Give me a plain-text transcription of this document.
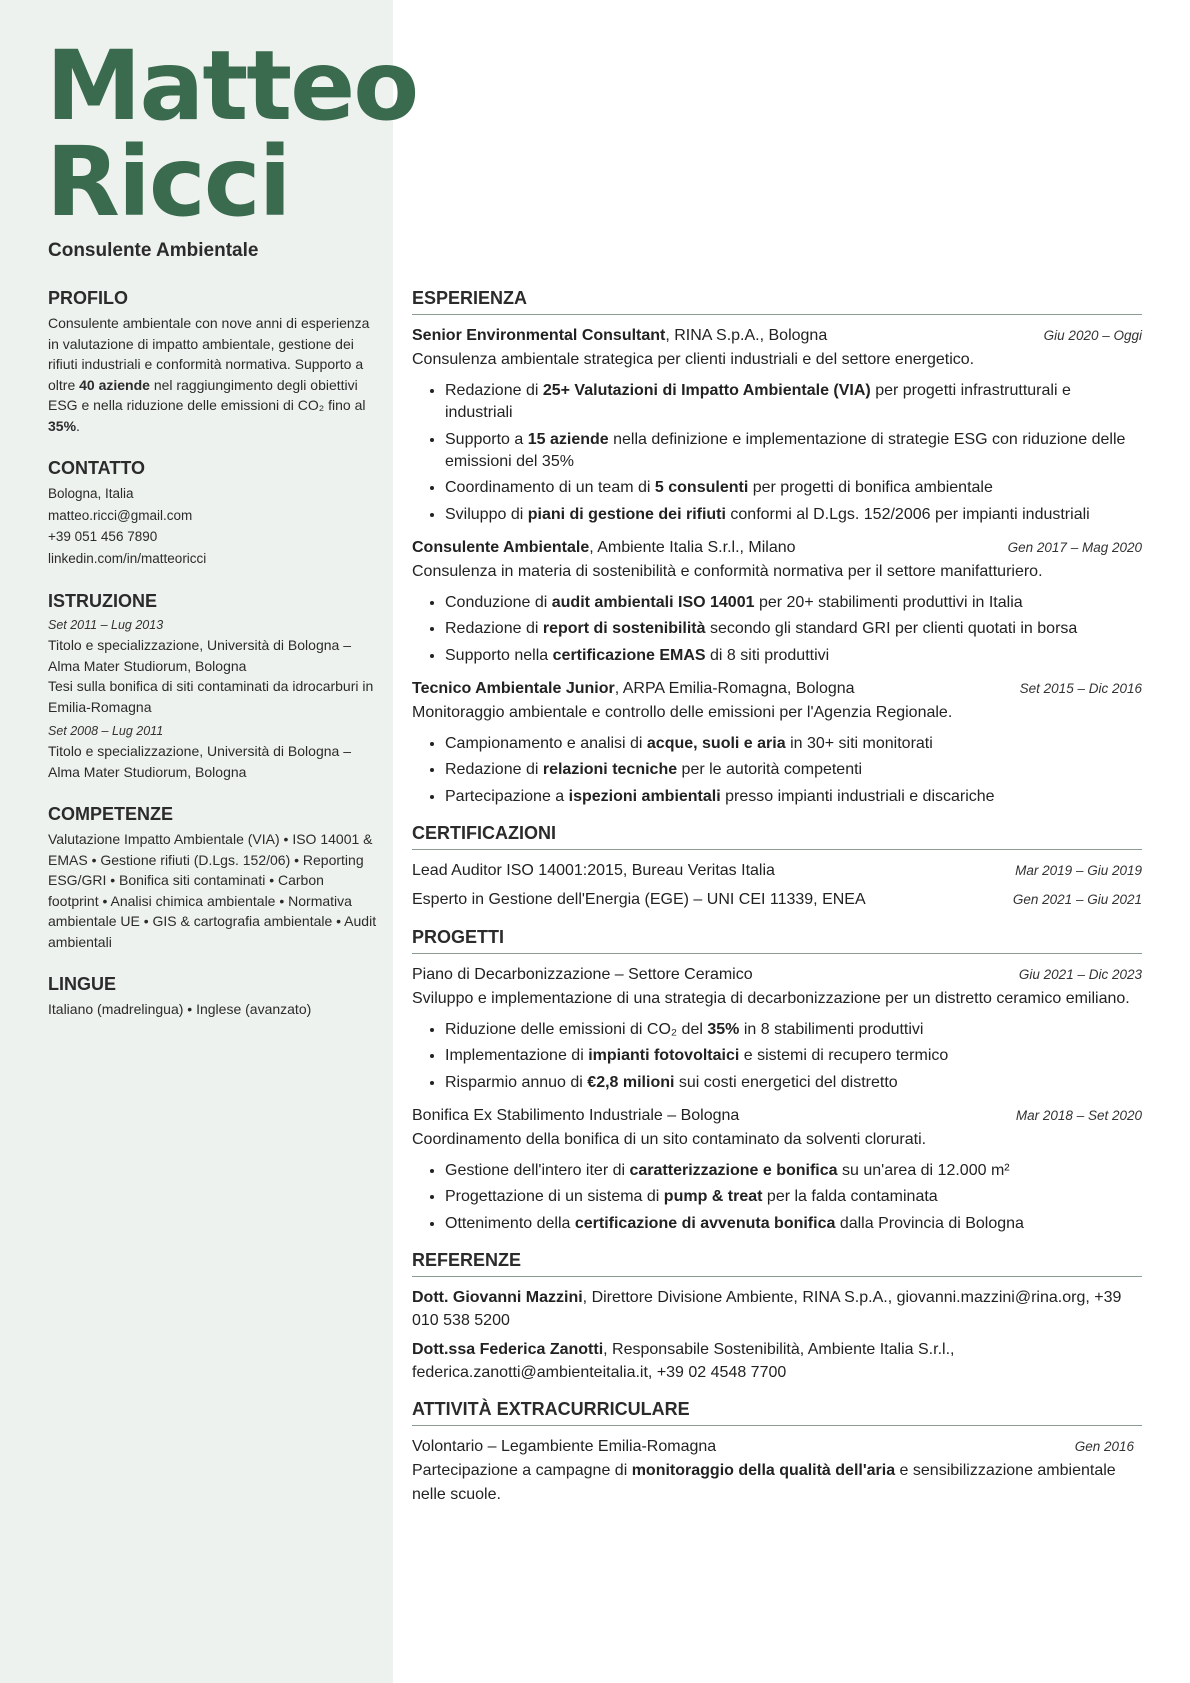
Matteo
Ricci
Consulente Ambientale
PROFILO

Consulente ambientale con nove anni di esperienza in valutazione di impatto ambientale, gestione dei rifiuti industriali e conformità normativa. Supporto a oltre 40 aziende nel raggiungimento degli obiettivi ESG e nella riduzione delle emissioni di CO₂ fino al 35%.

CONTATTO

Bologna, Italia

matteo.ricci@gmail.com

+39 051 456 7890

linkedin.com/in/matteoricci

ISTRUZIONE

Set 2011 – Lug 2013

Titolo e specializzazione, Università di Bologna – Alma Mater Studiorum, Bologna

Tesi sulla bonifica di siti contaminati da idrocarburi in Emilia-Romagna

Set 2008 – Lug 2011

Titolo e specializzazione, Università di Bologna – Alma Mater Studiorum, Bologna

COMPETENZE

Valutazione Impatto Ambientale (VIA) • ISO 14001 & EMAS • Gestione rifiuti (D.Lgs. 152/06) • Reporting ESG/GRI • Bonifica siti contaminati • Carbon footprint • Analisi chimica ambientale • Normativa ambientale UE • GIS & cartografia ambientale • Audit ambientali

LINGUE

Italiano (madrelingua) • Inglese (avanzato)

ESPERIENZA
Senior Environmental Consultant, RINA S.p.A., Bologna	Giu 2020 – Oggi

Consulenza ambientale strategica per clienti industriali e del settore energetico.

• Redazione di 25+ Valutazioni di Impatto Ambientale (VIA) per progetti infrastrutturali e industriali
• Supporto a 15 aziende nella definizione e implementazione di strategie ESG con riduzione delle emissioni del 35%
• Coordinamento di un team di 5 consulenti per progetti di bonifica ambientale
• Sviluppo di piani di gestione dei rifiuti conformi al D.Lgs. 152/2006 per impianti industriali
Consulente Ambientale, Ambiente Italia S.r.l., Milano	Gen 2017 – Mag 2020

Consulenza in materia di sostenibilità e conformità normativa per il settore manifatturiero.

• Conduzione di audit ambientali ISO 14001 per 20+ stabilimenti produttivi in Italia
• Redazione di report di sostenibilità secondo gli standard GRI per clienti quotati in borsa
• Supporto nella certificazione EMAS di 8 siti produttivi
Tecnico Ambientale Junior, ARPA Emilia-Romagna, Bologna	Set 2015 – Dic 2016

Monitoraggio ambientale e controllo delle emissioni per l'Agenzia Regionale.

• Campionamento e analisi di acque, suoli e aria in 30+ siti monitorati
• Redazione di relazioni tecniche per le autorità competenti
• Partecipazione a ispezioni ambientali presso impianti industriali e discariche
CERTIFICAZIONI
Lead Auditor ISO 14001:2015, Bureau Veritas Italia	Mar 2019 – Giu 2019
Esperto in Gestione dell'Energia (EGE) – UNI CEI 11339, ENEA	Gen 2021 – Giu 2021
PROGETTI
Piano di Decarbonizzazione – Settore Ceramico	Giu 2021 – Dic 2023

Sviluppo e implementazione di una strategia di decarbonizzazione per un distretto ceramico emiliano.

• Riduzione delle emissioni di CO₂ del 35% in 8 stabilimenti produttivi
• Implementazione di impianti fotovoltaici e sistemi di recupero termico
• Risparmio annuo di €2,8 milioni sui costi energetici del distretto
Bonifica Ex Stabilimento Industriale – Bologna	Mar 2018 – Set 2020

Coordinamento della bonifica di un sito contaminato da solventi clorurati.

• Gestione dell'intero iter di caratterizzazione e bonifica su un'area di 12.000 m²
• Progettazione di un sistema di pump & treat per la falda contaminata
• Ottenimento della certificazione di avvenuta bonifica dalla Provincia di Bologna
REFERENZE

Dott. Giovanni Mazzini, Direttore Divisione Ambiente, RINA S.p.A., giovanni.mazzini@rina.org, +39 010 538 5200

Dott.ssa Federica Zanotti, Responsabile Sostenibilità, Ambiente Italia S.r.l., federica.zanotti@ambienteitalia.it, +39 02 4548 7700

ATTIVITÀ EXTRACURRICULARE
Volontario – Legambiente Emilia-Romagna	Gen 2016

Partecipazione a campagne di monitoraggio della qualità dell'aria e sensibilizzazione ambientale nelle scuole.
